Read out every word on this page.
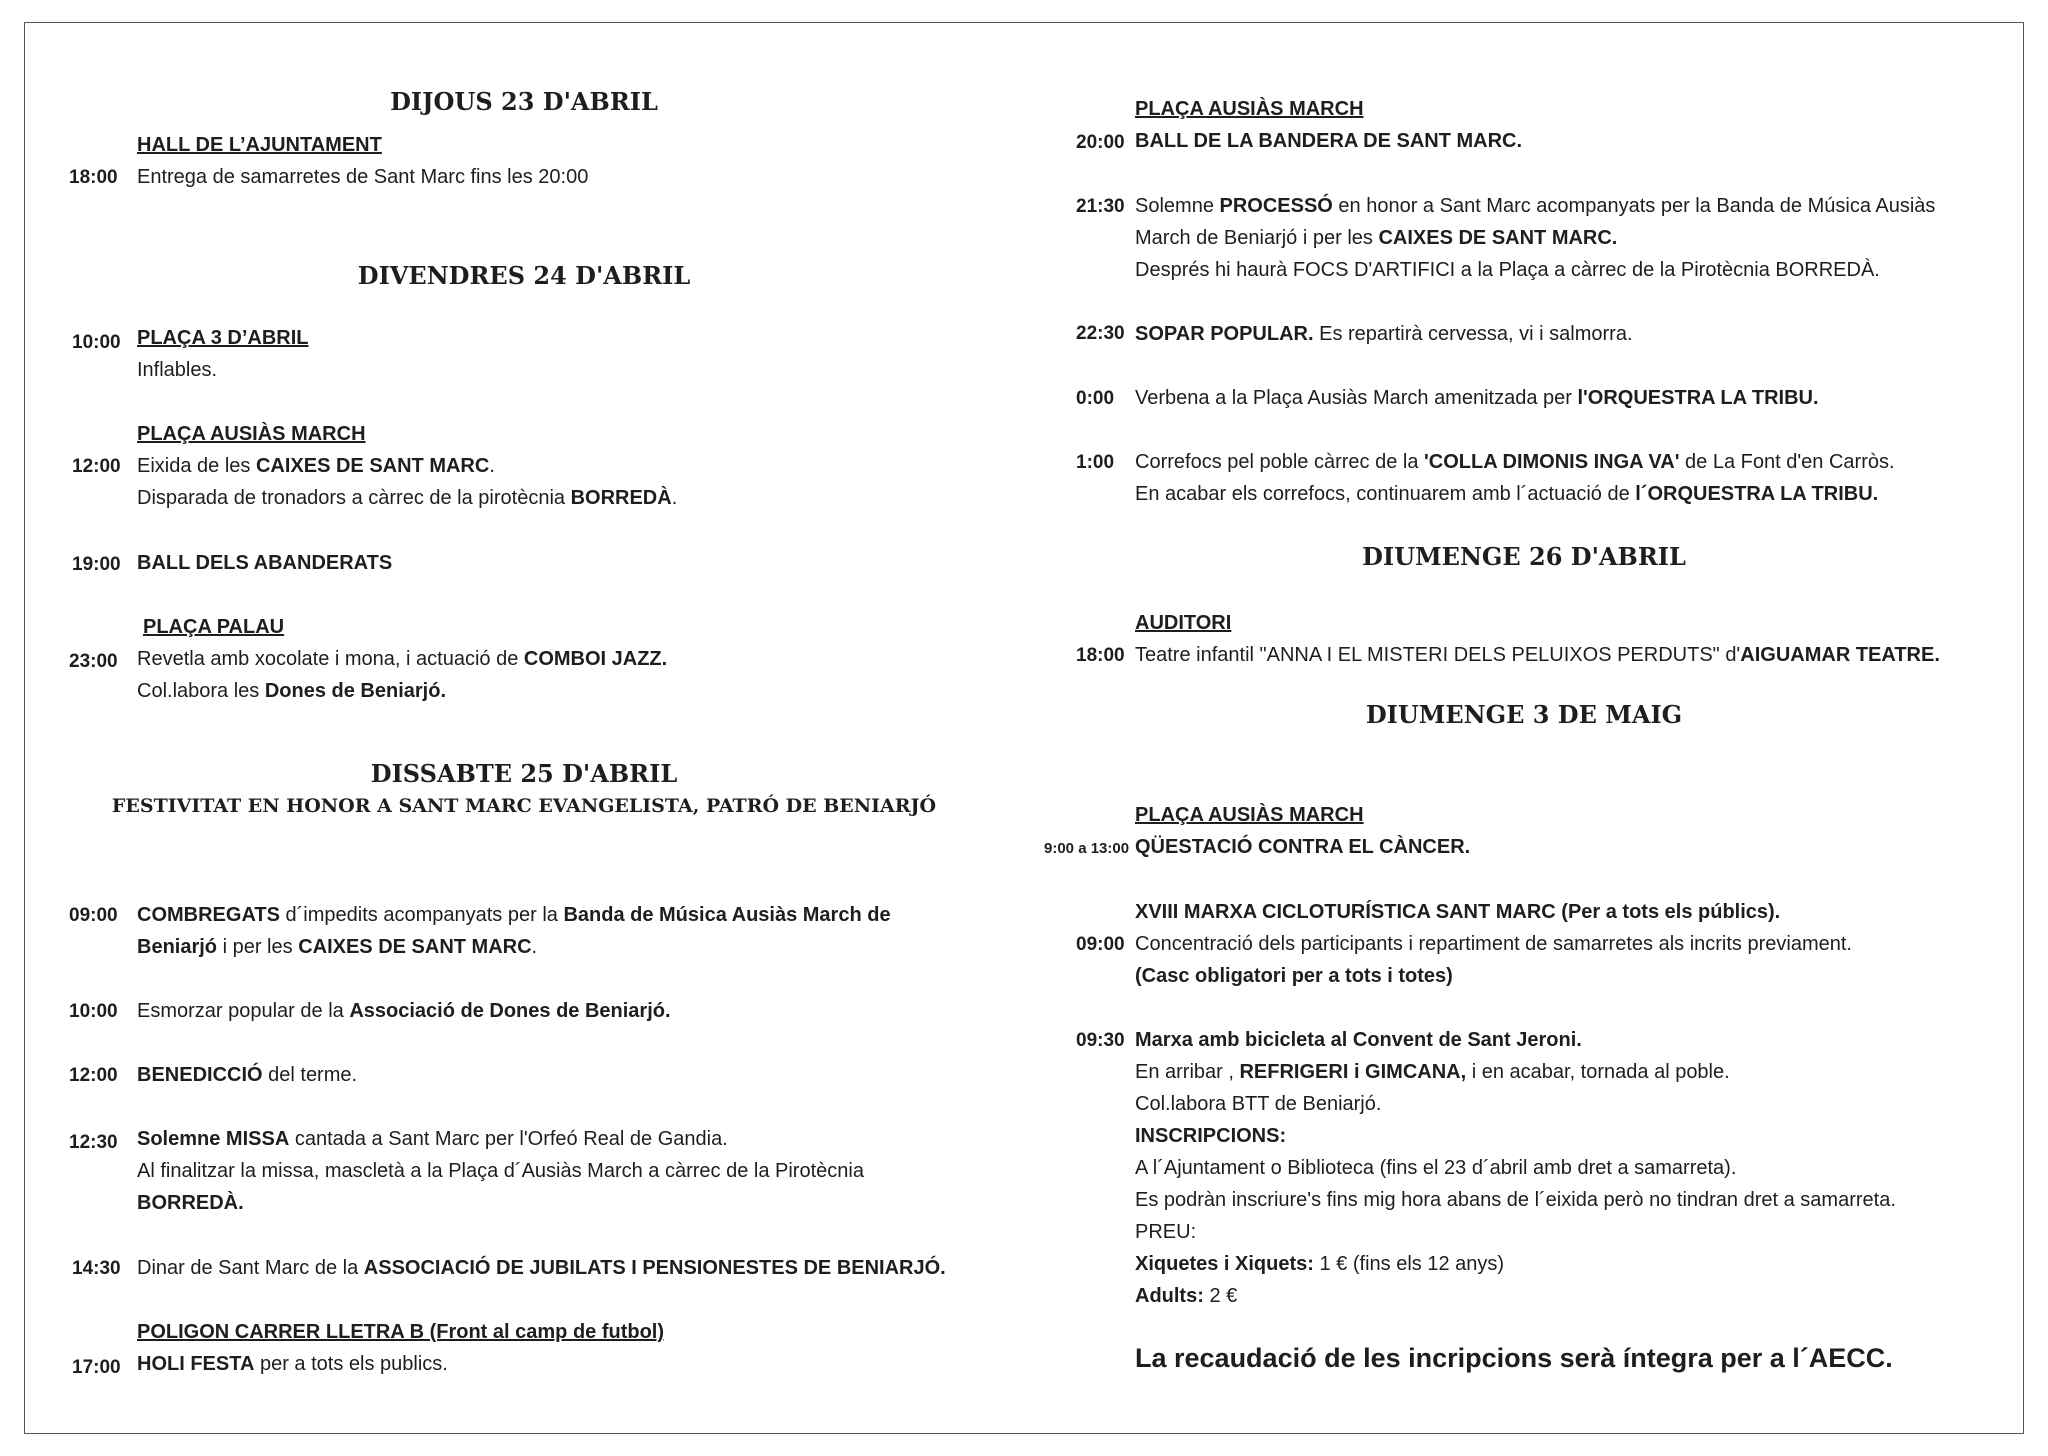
DIJOUS 23 D'ABRIL
HALL DE L’AJUNTAMENT
18:00 Entrega de samarretes de Sant Marc fins les 20:00
DIVENDRES 24 D'ABRIL
10:00 PLAÇA 3 D’ABRIL
Inflables.
PLAÇA AUSIÀS MARCH
12:00 Eixida de les CAIXES DE SANT MARC.
Disparada de tronadors a càrrec de la pirotècnia BORREDÀ.
19:00 BALL DELS ABANDERATS
PLAÇA PALAU
23:00 Revetla amb xocolate i mona, i actuació de COMBOI JAZZ.
Col.labora les Dones de Beniarjó.
DISSABTE 25 D'ABRIL
FESTIVITAT EN HONOR A SANT MARC EVANGELISTA, PATRÓ DE BENIARJÓ
09:00 COMBREGATS d´impedits acompanyats per la Banda de Música Ausiàs March de
Beniarjó i per les CAIXES DE SANT MARC.
10:00 Esmorzar popular de la Associació de Dones de Beniarjó.
12:00 BENEDICCIÓ del terme.
12:30 Solemne MISSA cantada a Sant Marc per l'Orfeó Real de Gandia.
Al finalitzar la missa, mascletà a la Plaça d´Ausiàs March a càrrec de la Pirotècnia
BORREDÀ.
14:30 Dinar de Sant Marc de la ASSOCIACIÓ DE JUBILATS I PENSIONESTES DE BENIARJÓ.
POLIGON CARRER LLETRA B (Front al camp de futbol)
17:00 HOLI FESTA per a tots els publics.
PLAÇA AUSIÀS MARCH
20:00 BALL DE LA BANDERA DE SANT MARC.
21:30 Solemne PROCESSÓ en honor a Sant Marc acompanyats per la Banda de Música Ausiàs
March de Beniarjó i per les CAIXES DE SANT MARC.
Després hi haurà FOCS D'ARTIFICI a la Plaça a càrrec de la Pirotècnia BORREDÀ.
22:30 SOPAR POPULAR. Es repartirà cervessa, vi i salmorra.
0:00 Verbena a la Plaça Ausiàs March amenitzada per l'ORQUESTRA LA TRIBU.
1:00 Correfocs pel poble càrrec de la 'COLLA DIMONIS INGA VA' de La Font d'en Carròs.
En acabar els correfocs, continuarem amb l´actuació de l´ORQUESTRA LA TRIBU.
DIUMENGE 26 D'ABRIL
AUDITORI
18:00 Teatre infantil "ANNA I EL MISTERI DELS PELUIXOS PERDUTS" d'AIGUAMAR TEATRE.
DIUMENGE 3 DE MAIG
PLAÇA AUSIÀS MARCH
9:00 a 13:00 QÜESTACIÓ CONTRA EL CÀNCER.
XVIII MARXA CICLOTURÍSTICA SANT MARC (Per a tots els públics).
09:00 Concentració dels participants i repartiment de samarretes als incrits previament.
(Casc obligatori per a tots i totes)
09:30 Marxa amb bicicleta al Convent de Sant Jeroni.
En arribar , REFRIGERI i GIMCANA, i en acabar, tornada al poble.
Col.labora BTT de Beniarjó.
INSCRIPCIONS:
A l´Ajuntament o Biblioteca (fins el 23 d´abril amb dret a samarreta).
Es podràn inscriure's fins mig hora abans de l´eixida però no tindran dret a samarreta.
PREU:
Xiquetes i Xiquets: 1 € (fins els 12 anys)
Adults: 2 €
La recaudació de les incripcions serà íntegra per a l´AECC.
